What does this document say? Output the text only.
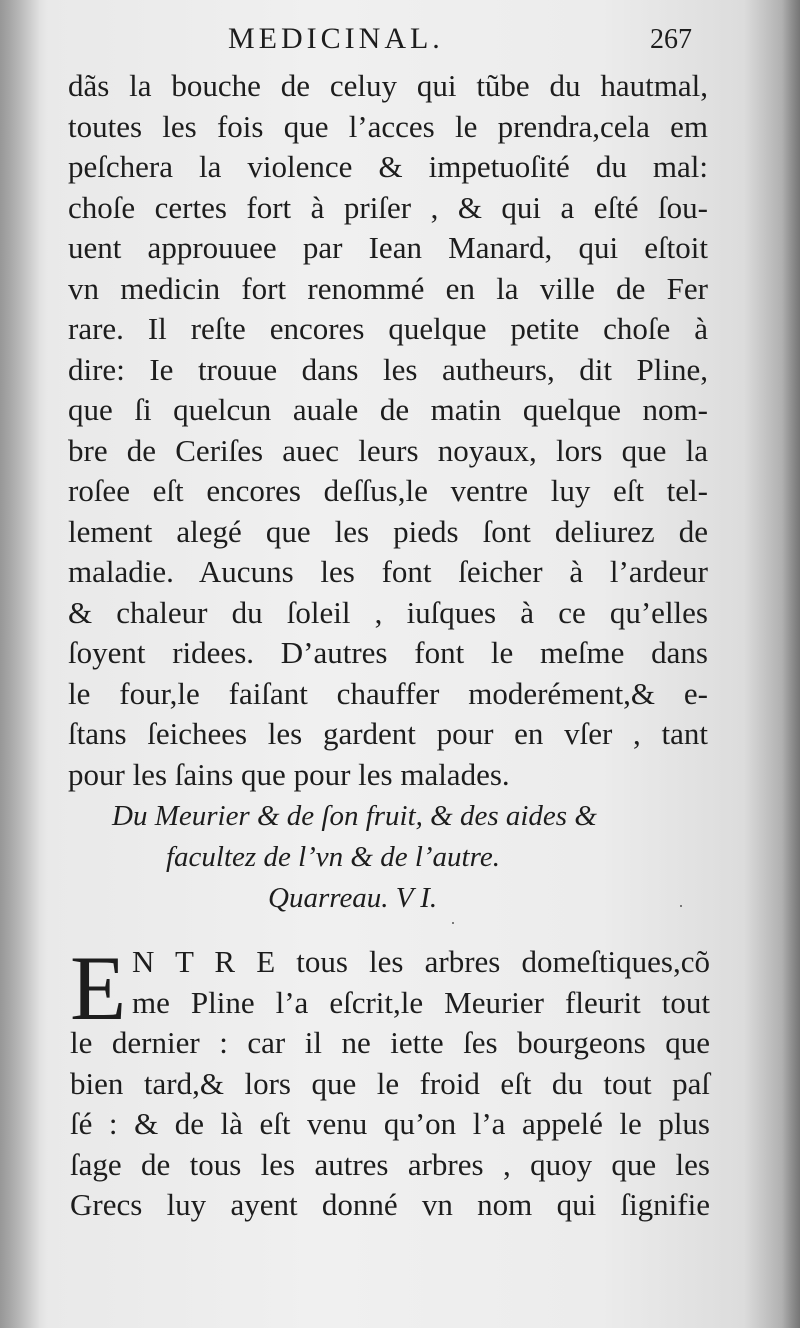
MEDICINAL.	267
dãs la bouche de celuy qui tũbe du hautmal,
toutes les fois que l’acces le prendra,cela em
peſchera la violence & impetuoſité du mal:
choſe certes fort à priſer , & qui a eſté ſou-
uent approuuee par Iean Manard, qui eſtoit
vn medicin fort renommé en la ville de Fer
rare. Il reſte encores quelque petite choſe à
dire: Ie trouue dans les autheurs, dit Pline,
que ſi quelcun auale de matin quelque nom-
bre de Ceriſes auec leurs noyaux, lors que la
roſee eſt encores deſſus,le ventre luy eſt tel-
lement alegé que les pieds ſont deliurez de
maladie. Aucuns les font ſeicher à l’ardeur
& chaleur du ſoleil , iuſques à ce qu’elles
ſoyent ridees. D’autres font le meſme dans
le four,le faiſant chauffer moderément,& e-
ſtans ſeichees les gardent pour en vſer , tant
pour les ſains que pour les malades.
Du Meurier & de ſon fruit, & des aides &
facultez de l’vn & de l’autre.
Quarreau. V I.
E N T R E tous les arbres domeſtiques,cõ
me Pline l’a eſcrit,le Meurier fleurit tout
le dernier : car il ne iette ſes bourgeons que
bien tard,& lors que le froid eſt du tout paſ
ſé : & de là eſt venu qu’on l’a appelé le plus
ſage de tous les autres arbres , quoy que les
Grecs luy ayent donné vn nom qui ſignifie
